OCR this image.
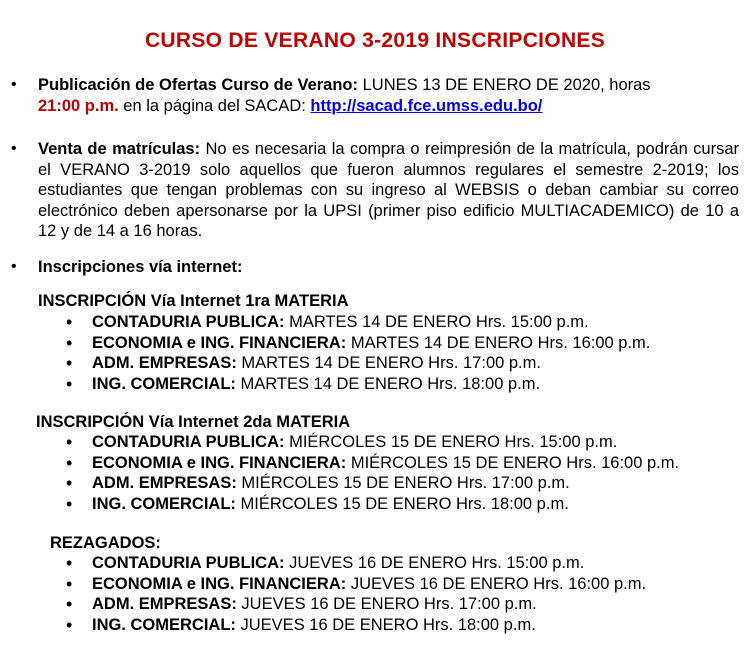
CURSO DE VERANO 3-2019 INSCRIPCIONES
• Publicación de Ofertas Curso de Verano: LUNES 13 DE ENERO DE 2020, horas
21:00 p.m. en la página del SACAD: http://sacad.fce.umss.edu.bo/
• Venta de matrículas: No es necesaria la compra o reimpresión de la matrícula, podrán cursar el VERANO 3-2019 solo aquellos que fueron alumnos regulares el semestre 2-2019; los estudiantes que tengan problemas con su ingreso al WEBSIS o deban cambiar su correo electrónico deben apersonarse por la UPSI (primer piso edificio MULTIACADEMICO) de 10 a 12 y de 14 a 16 horas.
• Inscripciones vía internet:
INSCRIPCIÓN Vía Internet 1ra MATERIA
• CONTADURIA PUBLICA: MARTES 14 DE ENERO Hrs. 15:00 p.m.
• ECONOMIA e ING. FINANCIERA: MARTES 14 DE ENERO Hrs. 16:00 p.m.
• ADM. EMPRESAS: MARTES 14 DE ENERO Hrs. 17:00 p.m.
• ING. COMERCIAL: MARTES 14 DE ENERO Hrs. 18:00 p.m.
INSCRIPCIÓN Vía Internet 2da MATERIA
• CONTADURIA PUBLICA: MIÉRCOLES 15 DE ENERO Hrs. 15:00 p.m.
• ECONOMIA e ING. FINANCIERA: MIÉRCOLES 15 DE ENERO Hrs. 16:00 p.m.
• ADM. EMPRESAS: MIÉRCOLES 15 DE ENERO Hrs. 17:00 p.m.
• ING. COMERCIAL: MIÉRCOLES 15 DE ENERO Hrs. 18:00 p.m.
REZAGADOS:
• CONTADURIA PUBLICA: JUEVES 16 DE ENERO Hrs. 15:00 p.m.
• ECONOMIA e ING. FINANCIERA: JUEVES 16 DE ENERO Hrs. 16:00 p.m.
• ADM. EMPRESAS: JUEVES 16 DE ENERO Hrs. 17:00 p.m.
• ING. COMERCIAL: JUEVES 16 DE ENERO Hrs. 18:00 p.m.
